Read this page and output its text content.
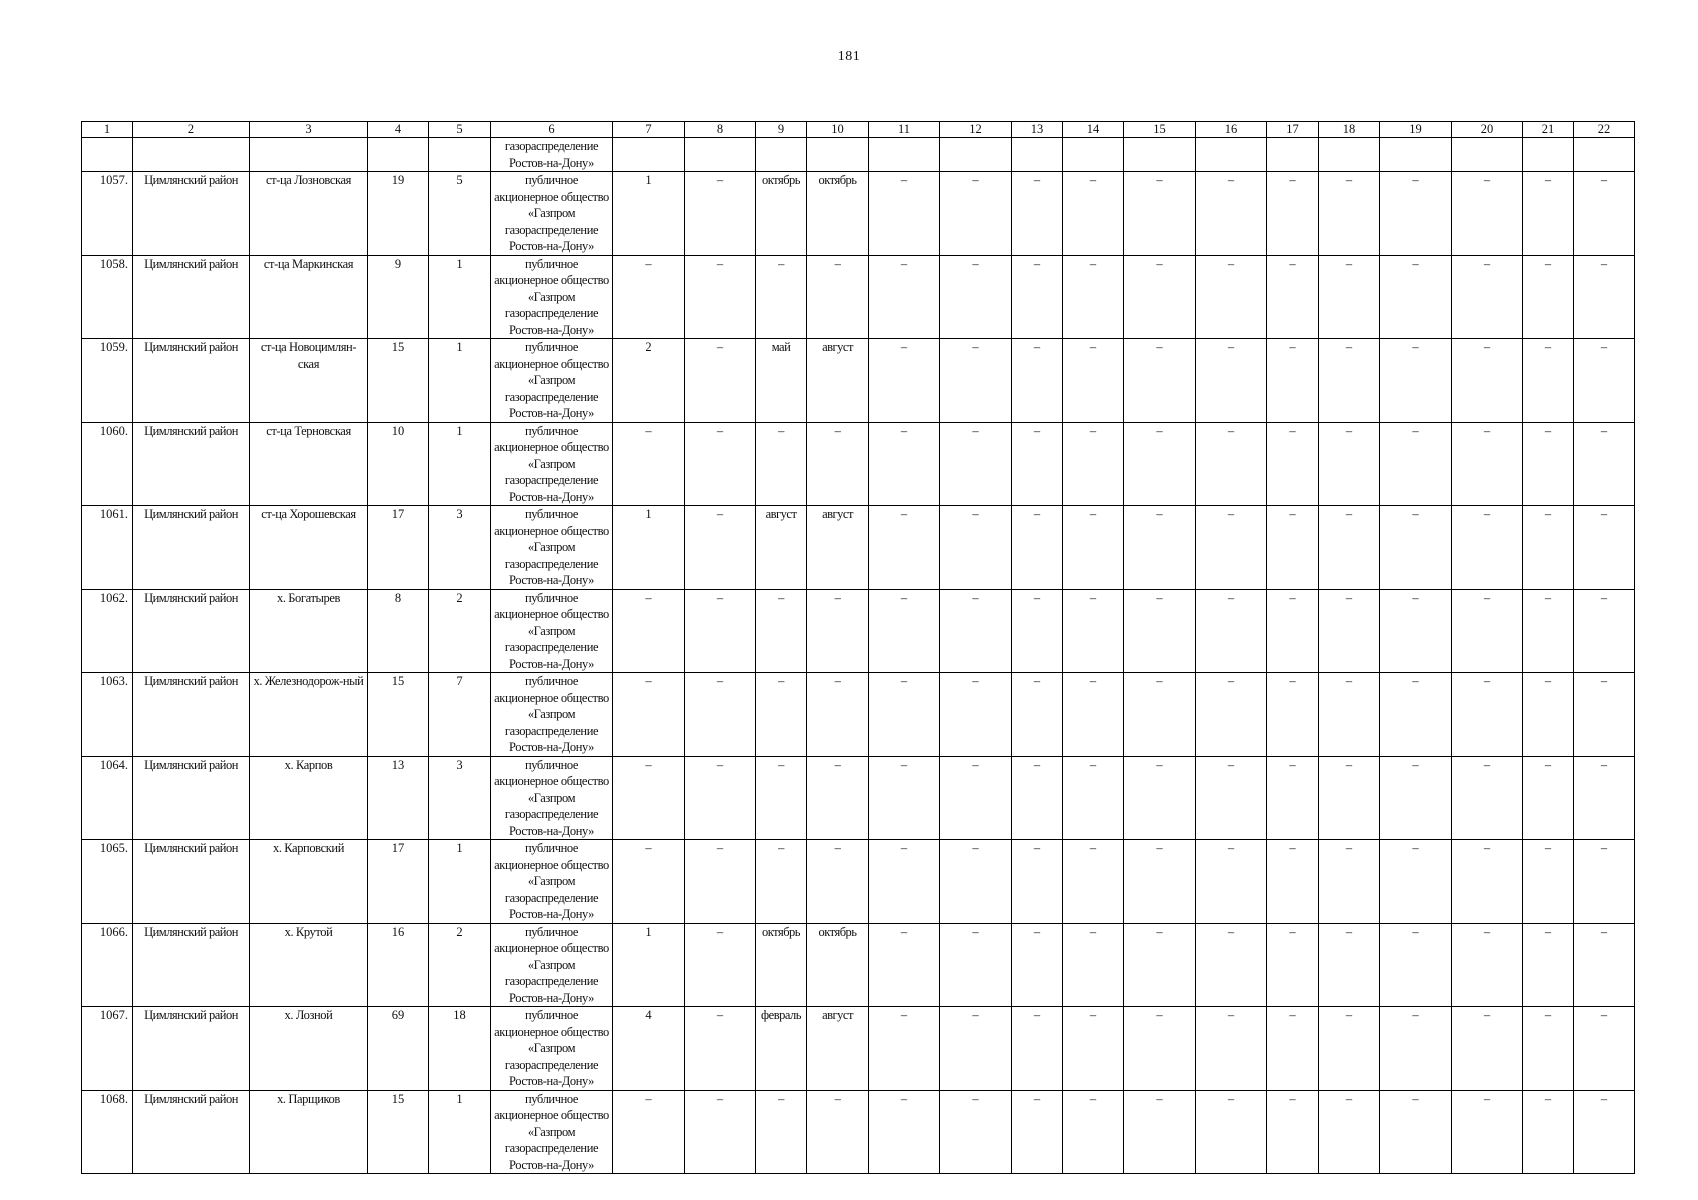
181
1	2	3	4	5	6	7	8	9	10	11	12	13	14	15	16	17	18	19	20	21	22
					газораспределение Ростов-на-Дону»																
1057.	Цимлянский район	ст-ца Лозновская	19	5	публичное акционерное общество «Газпром газораспределение Ростов-на-Дону»	1	–	октябрь	октябрь	–	–	–	–	–	–	–	–	–	–	–	–
1058.	Цимлянский район	ст-ца Маркинская	9	1	публичное акционерное общество «Газпром газораспределение Ростов-на-Дону»	–	–	–	–	–	–	–	–	–	–	–	–	–	–	–	–
1059.	Цимлянский район	ст-ца Новоцимлян-ская	15	1	публичное акционерное общество «Газпром газораспределение Ростов-на-Дону»	2	–	май	август	–	–	–	–	–	–	–	–	–	–	–	–
1060.	Цимлянский район	ст-ца Терновская	10	1	публичное акционерное общество «Газпром газораспределение Ростов-на-Дону»	–	–	–	–	–	–	–	–	–	–	–	–	–	–	–	–
1061.	Цимлянский район	ст-ца Хорошевская	17	3	публичное акционерное общество «Газпром газораспределение Ростов-на-Дону»	1	–	август	август	–	–	–	–	–	–	–	–	–	–	–	–
1062.	Цимлянский район	х. Богатырев	8	2	публичное акционерное общество «Газпром газораспределение Ростов-на-Дону»	–	–	–	–	–	–	–	–	–	–	–	–	–	–	–	–
1063.	Цимлянский район	х. Железнодорож-ный	15	7	публичное акционерное общество «Газпром газораспределение Ростов-на-Дону»	–	–	–	–	–	–	–	–	–	–	–	–	–	–	–	–
1064.	Цимлянский район	х. Карпов	13	3	публичное акционерное общество «Газпром газораспределение Ростов-на-Дону»	–	–	–	–	–	–	–	–	–	–	–	–	–	–	–	–
1065.	Цимлянский район	х. Карповский	17	1	публичное акционерное общество «Газпром газораспределение Ростов-на-Дону»	–	–	–	–	–	–	–	–	–	–	–	–	–	–	–	–
1066.	Цимлянский район	х. Крутой	16	2	публичное акционерное общество «Газпром газораспределение Ростов-на-Дону»	1	–	октябрь	октябрь	–	–	–	–	–	–	–	–	–	–	–	–
1067.	Цимлянский район	х. Лозной	69	18	публичное акционерное общество «Газпром газораспределение Ростов-на-Дону»	4	–	февраль	август	–	–	–	–	–	–	–	–	–	–	–	–
1068.	Цимлянский район	х. Парщиков	15	1	публичное акционерное общество «Газпром газораспределение Ростов-на-Дону»	–	–	–	–	–	–	–	–	–	–	–	–	–	–	–	–
